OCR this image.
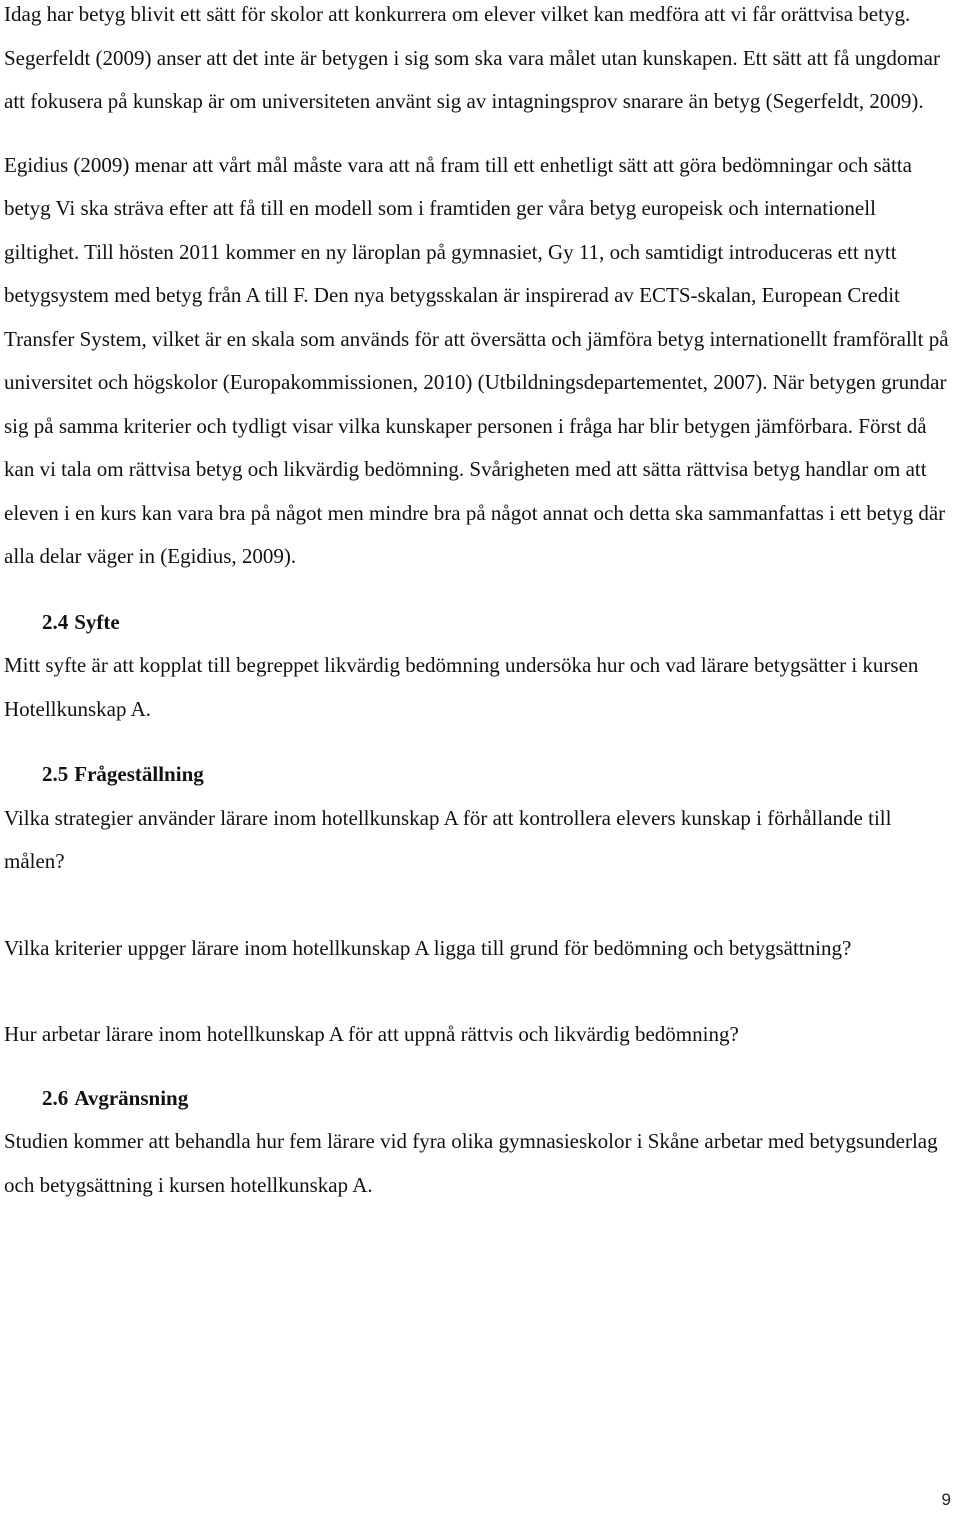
Idag har betyg blivit ett sätt för skolor att konkurrera om elever vilket kan medföra att vi får orättvisa betyg. Segerfeldt (2009) anser att det inte är betygen i sig som ska vara målet utan kunskapen. Ett sätt att få ungdomar att fokusera på kunskap är om universiteten använt sig av intagningsprov snarare än betyg (Segerfeldt, 2009).

Egidius (2009) menar att vårt mål måste vara att nå fram till ett enhetligt sätt att göra bedömningar och sätta betyg Vi ska sträva efter att få till en modell som i framtiden ger våra betyg europeisk och internationell giltighet. Till hösten 2011 kommer en ny läroplan på gymnasiet, Gy 11, och samtidigt introduceras ett nytt betygsystem med betyg från A till F. Den nya betygsskalan är inspirerad av ECTS-skalan, European Credit Transfer System, vilket är en skala som används för att översätta och jämföra betyg internationellt framförallt på universitet och högskolor (Europakommissionen, 2010) (Utbildningsdepartementet, 2007). När betygen grundar sig på samma kriterier och tydligt visar vilka kunskaper personen i fråga har blir betygen jämförbara. Först då kan vi tala om rättvisa betyg och likvärdig bedömning. Svårigheten med att sätta rättvisa betyg handlar om att eleven i en kurs kan vara bra på något men mindre bra på något annat och detta ska sammanfattas i ett betyg där alla delar väger in (Egidius, 2009).

2.4 Syfte

Mitt syfte är att kopplat till begreppet likvärdig bedömning undersöka hur och vad lärare betygsätter i kursen Hotellkunskap A.

2.5 Frågeställning

Vilka strategier använder lärare inom hotellkunskap A för att kontrollera elevers kunskap i förhållande till målen?

Vilka kriterier uppger lärare inom hotellkunskap A ligga till grund för bedömning och betygsättning?

Hur arbetar lärare inom hotellkunskap A för att uppnå rättvis och likvärdig bedömning?

2.6 Avgränsning

Studien kommer att behandla hur fem lärare vid fyra olika gymnasieskolor i Skåne arbetar med betygsunderlag och betygsättning i kursen hotellkunskap A.

9
